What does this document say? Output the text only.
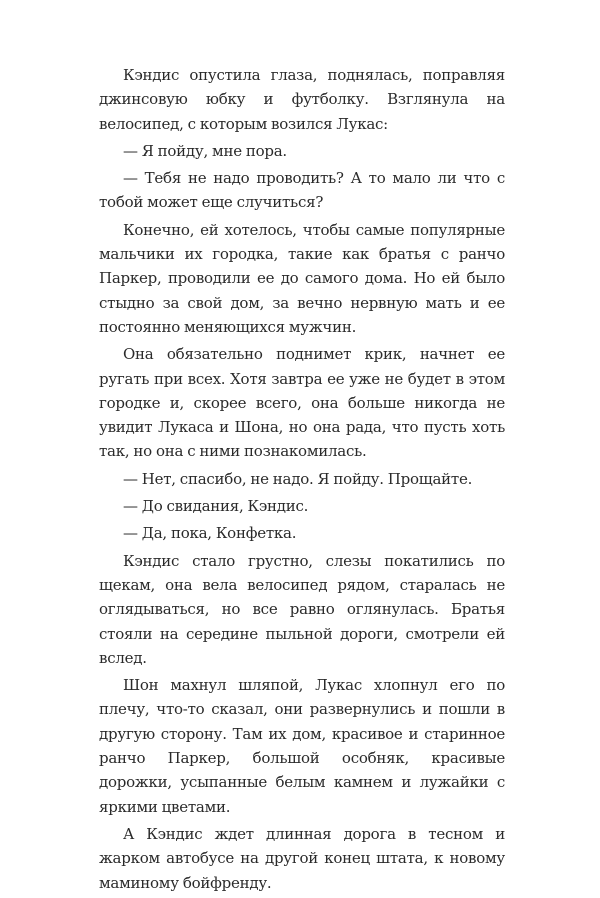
Кэндис опустила глаза, поднялась, поправляя джинсовую юбку и футболку. Взглянула на велосипед, с которым возился Лукас:

— Я пойду, мне пора.

— Тебя не надо проводить? А то мало ли что с тобой может еще случиться?

Конечно, ей хотелось, чтобы самые популярные мальчики их городка, такие как братья с ранчо Паркер, проводили ее до самого дома. Но ей было стыдно за свой дом, за вечно нервную мать и ее постоянно меняющихся мужчин.

Она обязательно поднимет крик, начнет ее ругать при всех. Хотя завтра ее уже не будет в этом городке и, скорее всего, она больше никогда не увидит Лукаса и Шона, но она рада, что пусть хоть так, но она с ними познакомилась.

— Нет, спасибо, не надо. Я пойду. Прощайте.

— До свидания, Кэндис.

— Да, пока, Конфетка.

Кэндис стало грустно, слезы покатились по щекам, она вела велосипед рядом, старалась не оглядываться, но все равно оглянулась. Братья стояли на середине пыльной дороги, смотрели ей вслед.

Шон махнул шляпой, Лукас хлопнул его по плечу, что-то сказал, они развернулись и пошли в другую сторону. Там их дом, красивое и старинное ранчо Паркер, большой особняк, красивые дорожки, усыпанные белым камнем и лужайки с яркими цветами.

А Кэндис ждет длинная дорога в тесном и жарком автобусе на другой конец штата, к новому маминому бойфренду.
